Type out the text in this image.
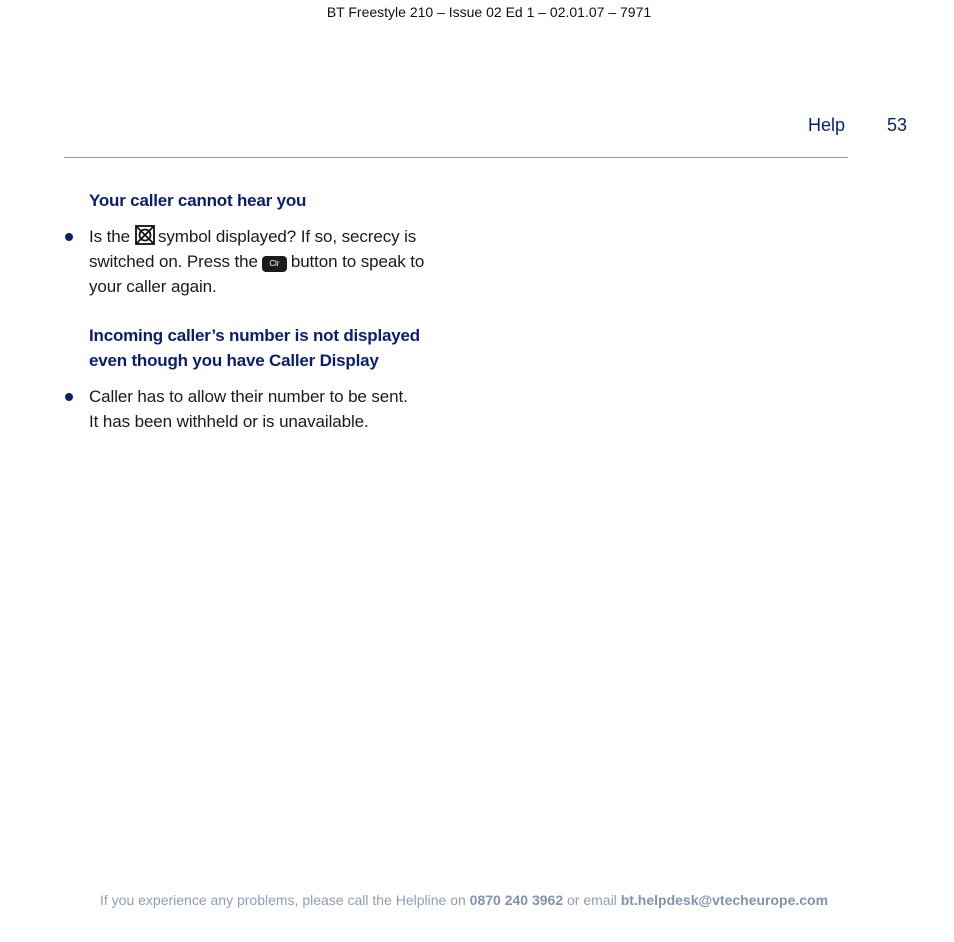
BT Freestyle 210 – Issue 02 Ed 1 – 02.01.07 – 7971
Help 53
Your caller cannot hear you
Is the symbol displayed? If so, secrecy is switched on. Press the Clr button to speak to your caller again.
Incoming caller’s number is not displayed
even though you have Caller Display
Caller has to allow their number to be sent.
It has been withheld or is unavailable.
If you experience any problems, please call the Helpline on 0870 240 3962 or email bt.helpdesk@vtecheurope.com
